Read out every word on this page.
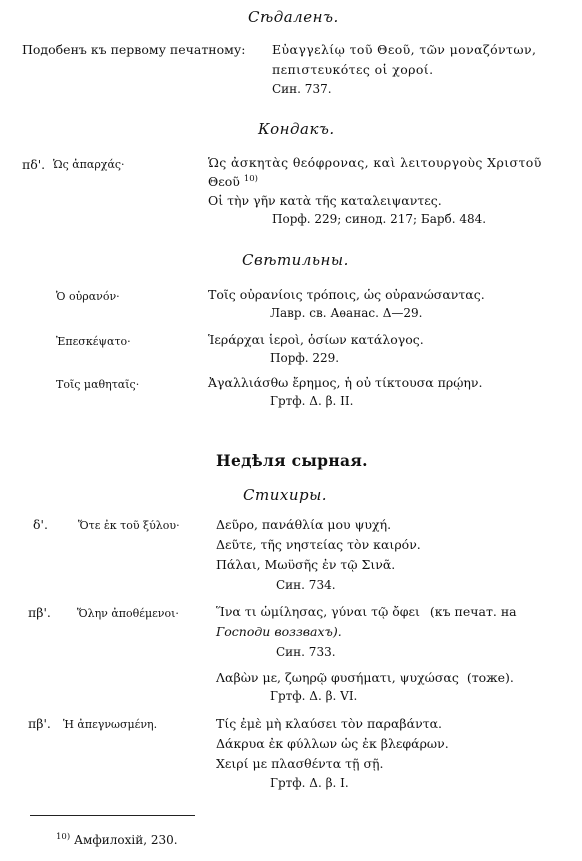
Сѣдаленъ.
Подобенъ къ первому печатному: Εὐαγγελίῳ τοῦ Θεοῦ, τῶν μοναζόντων,
πεπιστευκότες οἱ χοροί.
Син. 737.
Кондакъ.
πδ'. Ὡς ἀπαρχάς·	Ὡς ἀσκητὰς θεόφρονας, καὶ λειτουργοὺς Χριστοῦ
Θεοῦ $^{10)}$
Οἱ τὴν γῆν κατὰ τῆς καταλειψαντες.
Порф. 229; синод. 217; Барб. 484.
Свѣтильны.
Ὁ οὐρανόν·	Τοῖς οὐρανίοις τρόποις, ὡς οὐρανώσαντας.
Лавр. св. Аѳанас. Δ—29.
Ἐπεσκέψατο·	Ἱεράρχαι ἱεροὶ, ὁσίων κατάλογος.
Порф. 229.
Τοῖς μαθηταῖς·	Ἀγαλλιάσθω ἔρημος, ἡ οὐ τίκτουσα πρῴην.
Гртф. Δ. β. II.
Недѣля сырная.
Стихиры.
δ'.	Ὅτε ἐκ τοῦ ξύλου·	Δεῦρο, πανάθλία μου ψυχή.
Δεῦτε, τῆς νηστείας τὸν καιρόν.
Πάλαι, Μωϋσῆς ἐν τῷ Σινᾶ.
Син. 734.
πβ'. Ὅλην ἀποθέμενοι·	Ἵνα τι ὡμίλησας, γύναι τῷ ὄφει (къ печат. на
Господи воззвахъ).
Син. 733.
Λαβὼν με, ζωηρῷ φυσήματι, ψυχώσας (тоже).
Гртф. Δ. β. VI.
πβ'. Ἡ ἀπεγνωσμένη.	Τίς ἐμὲ μὴ κλαύσει τὸν παραβάντα.
Δάκρυα ἐκ φύλλων ὡς ἐκ βλεφάρων.
Χειρί με πλασθέντα τῇ σῇ.
Гртф. Δ. β. I.
$^{10)}$ Амфилохій, 230.
